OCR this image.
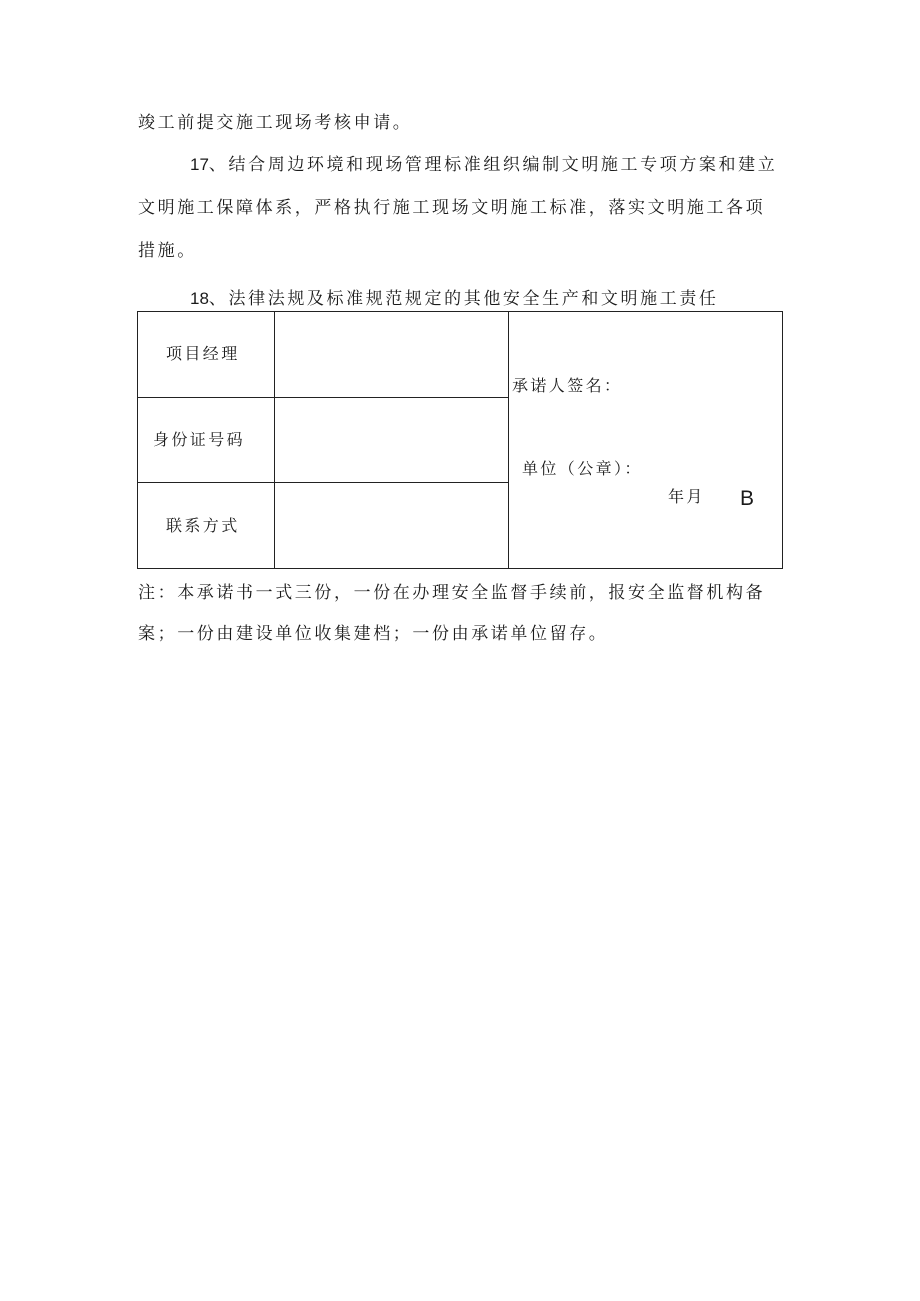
竣工前提交施工现场考核申请。
17、结合周边环境和现场管理标准组织编制文明施工专项方案和建立
文明施工保障体系，严格执行施工现场文明施工标准，落实文明施工各项
措施。
18、法律法规及标准规范规定的其他安全生产和文明施工责任
项目经理
身份证号码
联系方式
承诺人签名：
单位（公章）：
年月 B
注：本承诺书一式三份，一份在办理安全监督手续前，报安全监督机构备
案；一份由建设单位收集建档；一份由承诺单位留存。
